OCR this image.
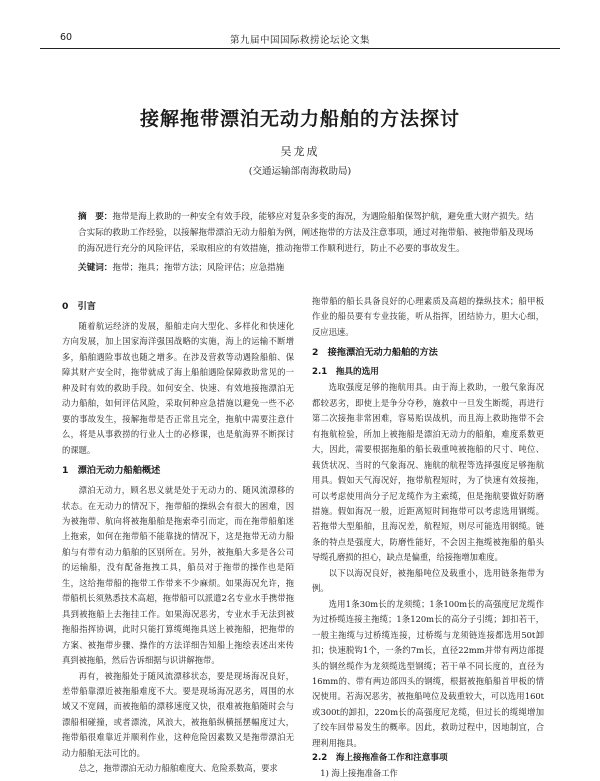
60	第九届中国国际救捞论坛论文集
接解拖带漂泊无动力船舶的方法探讨
吴龙成
(交通运输部南海救助局)
摘　要：拖带是海上救助的一种安全有效手段，能够应对复杂多变的海况，为遇险船舶保驾护航，避免重大财产损失。结合实际的救助工作经验，以接解拖带漂泊无动力船舶为例，阐述拖带的方法及注意事项，通过对拖带船、被拖带船及现场的海况进行充分的风险评估，采取相应的有效措施，推动拖带工作顺利进行，防止不必要的事故发生。
关键词：拖带；拖具；拖带方法；风险评估；应急措施
0　引言

随着航运经济的发展，船舶走向大型化、多样化和快速化方向发展，加上国家海洋强国战略的实施，海上的运输不断增多，船舶遇险事故也随之增多。在涉及营救等动遇险船舶、保障其财产安全时，拖带就成了海上船舶遇险保障救助常见的一种及时有效的救助手段。如何安全、快速、有效地接拖漂泊无动力船舶，如何评估风险，采取何种应急措施以避免一些不必要的事故发生，接解拖带是否正常且完全，拖航中需要注意什么，将是从事救捞的行业人士的必修课，也是航海界不断探讨的课题。

1　漂泊无动力船舶概述

漂泊无动力，顾名思义就是处于无动力的、随风流漂移的状态。在无动力的情况下，拖带船的操纵会有很大的困难，因为被拖带、航向将被拖船舶是拖索牵引而定，而在拖带船舶迷上拖索，如何在拖带船不能靠拢的情况下，这是拖带无动力船舶与有带有动力船舶的区别所在。另外，被拖船大多是各公司的运输船，没有配备拖拽工具，船员对于拖带的操作也是陌生，这给拖带船的拖带工作带来不少麻烦。如果海况允许，拖带船机长须熟悉技术高超，拖带船可以派遣2名专业水手携带拖具到被拖船上去拖挂工作。如果海况恶劣，专业水手无法到被拖船指挥协调，此时只能打算缆绳拖具送上被拖船，把拖带的方案、被拖带步骤、操作的方法详细告知船上拖绘表述出来传真到被拖船，然后告诉细据与识讲解拖带。

再有，被拖船处于随风流漂移状态，要是现场海况良好，差带船靠漂近被拖船难度不大。要是现场海况恶劣，周围的水域又不宽阔，而被拖船的漂移速度又快，很难被拖船随时会与漂船相碰撞，或者漂流，风浪大，被拖船纵横摇摆幅度过大，拖带船很难靠近并顺利作业，这种危险因素数又是拖带漂泊无动力船舶无法可比的。

总之，拖带漂泊无动力船舶难度大、危险系数高，要求

拖带船的船长具备良好的心理素质及高超的操纵技术；船甲板作业的船员要有专业技能，听从指挥，团结协力，胆大心细，反应迅速。

2　接拖漂泊无动力船舶的方法
2.1　拖具的选用

选取强度足够的拖航用具。由于海上救助，一般气象海况都较恶劣，即使上是争分夺秒，施救中一旦发生断缆，再进行第二次接拖非常困难，容易贻误战机，而且海上救助拖带不会有拖航检验，所加上被拖船是漂泊无动力的船舶，难度系数更大，因此，需要根据拖船的船长载重吨被拖船的尺寸、吨位、载货状况、当时的气象海况、施航的航程等选择强度足够拖航用具。假如天气海况好，拖带航程短时，为了快速有效接拖，可以考虑使用尚分子尼龙缆作为主索缆，但是拖航要做好防磨措施。假如海况一般，近距离短时间拖带可以考虑选用钢缆。若拖带大型船舶，且海况差，航程短，则尽可能选用钢缆。链条的特点是强度大，防磨性能好，不会因主拖缆被拖船的船头导缆孔磨损的担心，缺点是偏重，给接拖增加难度。

以下以海况良好，被拖船吨位及载重小，选用链条拖带为例。

选用1条30m长的龙须缆；1条100m长的高强度尼龙缆作为过桥缆连接主拖缆；1条120m长的高分子引缆；卸扣若干，一般主拖缆与过桥缆连接，过桥缆与龙须链连接都选用50t卸扣；快速脱钩1个，一条约7m长，直径22mm并带有两边部提头的钢丝缆作为龙须缆选型钢缆；若干单不同长度的，直径为16mm的、带有两边部四头的钢缆，根据被拖船船首甲板的情况使用。若海况恶劣，被拖船吨位及载重较大，可以选用160t或300t的卸扣，220m长的高强度尼龙缆，但过长的缆绳增加了绞车回带易发生的概率。因此，救助过程中，因地制宜，合理利用拖具。

2.2　海上接拖准备工作和注意事项
1) 海上接拖准备工作
